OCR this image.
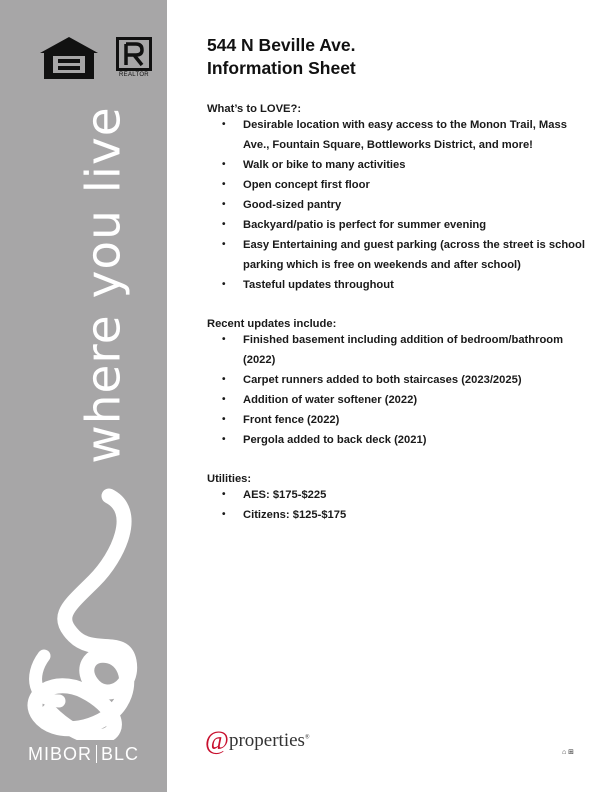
REALTOR
where you live
MIBOR BLC

544 N Beville Ave.

Information Sheet

What’s to LOVE?:

• Desirable location with easy access to the Monon Trail, Mass Ave., Fountain Square, Bottleworks District, and more!
• Walk or bike to many activities
• Open concept first floor
• Good-sized pantry
• Backyard/patio is perfect for summer evening
• Easy Entertaining and guest parking (across the street is school parking which is free on weekends and after school)
• Tasteful updates throughout

Recent updates include:

• Finished basement including addition of bedroom/bathroom (2022)
• Carpet runners added to both staircases (2023/2025)
• Addition of water softener (2022)
• Front fence (2022)
• Pergola added to back deck (2021)

Utilities:

• AES: $175-$225
• Citizens: $125-$175
@properties®
⌂ ⊞
